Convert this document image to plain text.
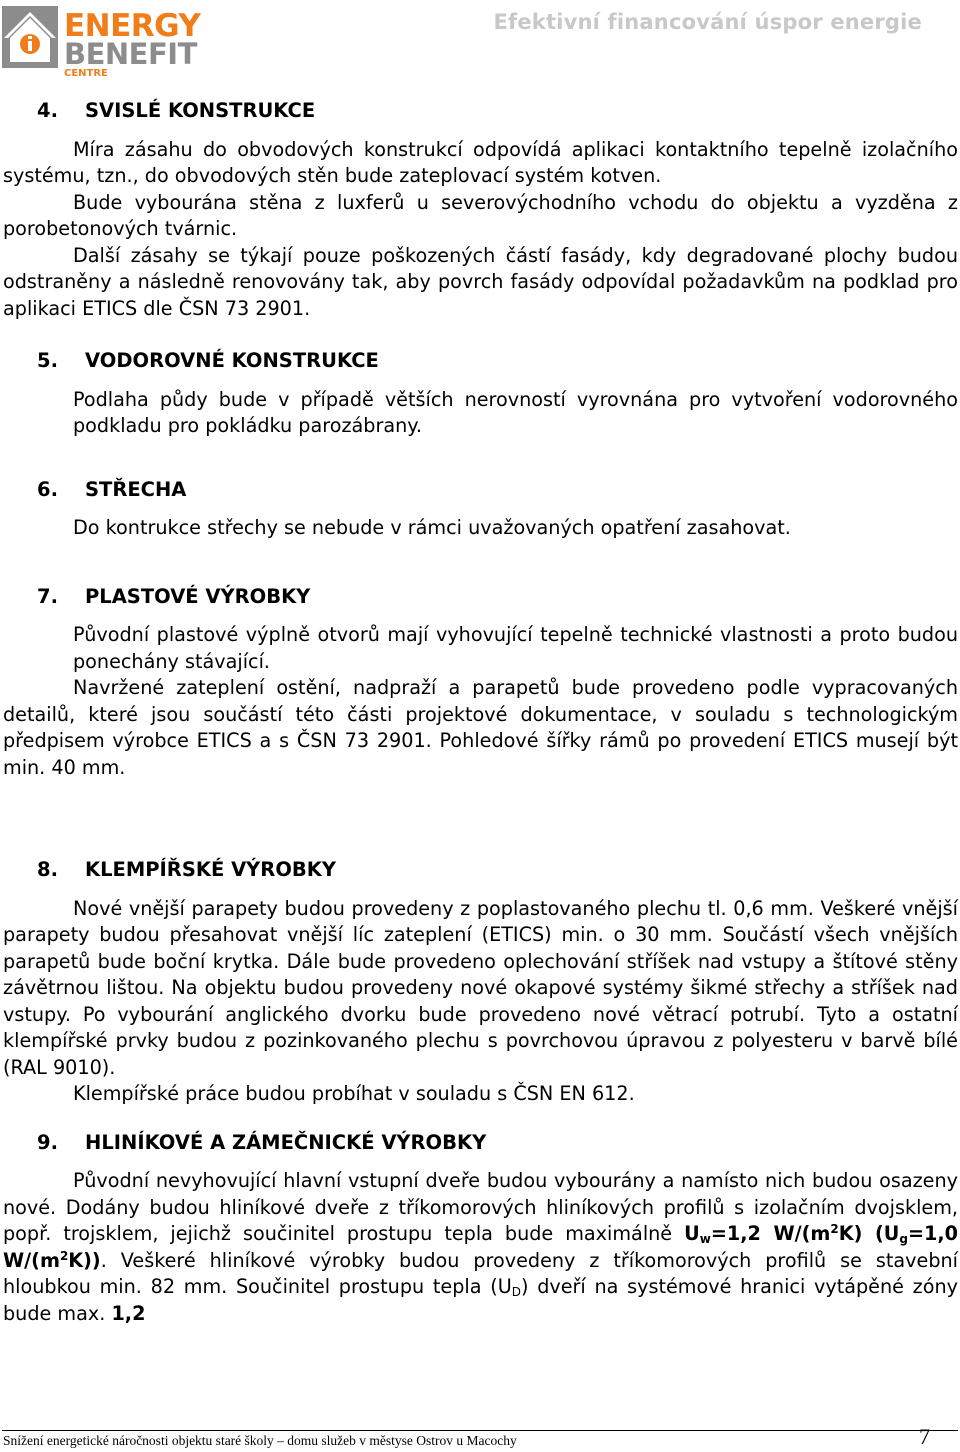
ENERGY
BENEFIT
CENTRE
Efektivní financování úspor energie
4. SVISLÉ KONSTRUKCE

Míra zásahu do obvodových konstrukcí odpovídá aplikaci kontaktního tepelně izolačního systému, tzn., do obvodových stěn bude zateplovací systém kotven.

Bude vybourána stěna z luxferů u severovýchodního vchodu do objektu a vyzděna z porobetonových tvárnic.

Další zásahy se týkají pouze poškozených částí fasády, kdy degradované plochy budou odstraněny a následně renovovány tak, aby povrch fasády odpovídal požadavkům na podklad pro aplikaci ETICS dle ČSN 73 2901.

5. VODOROVNÉ KONSTRUKCE

Podlaha půdy bude v případě větších nerovností vyrovnána pro vytvoření vodorovného podkladu pro pokládku parozábrany.

6. STŘECHA

Do kontrukce střechy se nebude v rámci uvažovaných opatření zasahovat.

7. PLASTOVÉ VÝROBKY

Původní plastové výplně otvorů mají vyhovující tepelně technické vlastnosti a proto budou ponechány stávající.

Navržené zateplení ostění, nadpraží a parapetů bude provedeno podle vypracovaných detailů, které jsou součástí této části projektové dokumentace, v souladu s technologickým předpisem výrobce ETICS a s ČSN 73 2901. Pohledové šířky rámů po provedení ETICS musejí být min. 40 mm.

8. KLEMPÍŘSKÉ VÝROBKY

Nové vnější parapety budou provedeny z poplastovaného plechu tl. 0,6 mm. Veškeré vnější parapety budou přesahovat vnější líc zateplení (ETICS) min. o 30 mm. Součástí všech vnějších parapetů bude boční krytka. Dále bude provedeno oplechování stříšek nad vstupy a štítové stěny závětrnou lištou. Na objektu budou provedeny nové okapové systémy šikmé střechy a stříšek nad vstupy. Po vybourání anglického dvorku bude provedeno nové větrací potrubí. Tyto a ostatní klempířské prvky budou z pozinkovaného plechu s povrchovou úpravou z polyesteru v barvě bílé (RAL 9010).

Klempířské práce budou probíhat v souladu s ČSN EN 612.

9. HLINÍKOVÉ A ZÁMEČNICKÉ VÝROBKY

Původní nevyhovující hlavní vstupní dveře budou vybourány a namísto nich budou osazeny nové. Dodány budou hliníkové dveře z tříkomorových hliníkových profilů s izolačním dvojsklem, popř. trojsklem, jejichž součinitel prostupu tepla bude maximálně $U_w=1,2$ $W/(m^2K)$ ($U_g=1,0$ $W/(m^2K)$). Veškeré hliníkové výrobky budou provedeny z tříkomorových profilů se stavební hloubkou min. 82 mm. Součinitel prostupu tepla $(U_D)$ dveří na systémové hranici vytápěné zóny bude max. 1,2

Snížení energetické náročnosti objektu staré školy – domu služeb v městyse Ostrov u Macochy	7
